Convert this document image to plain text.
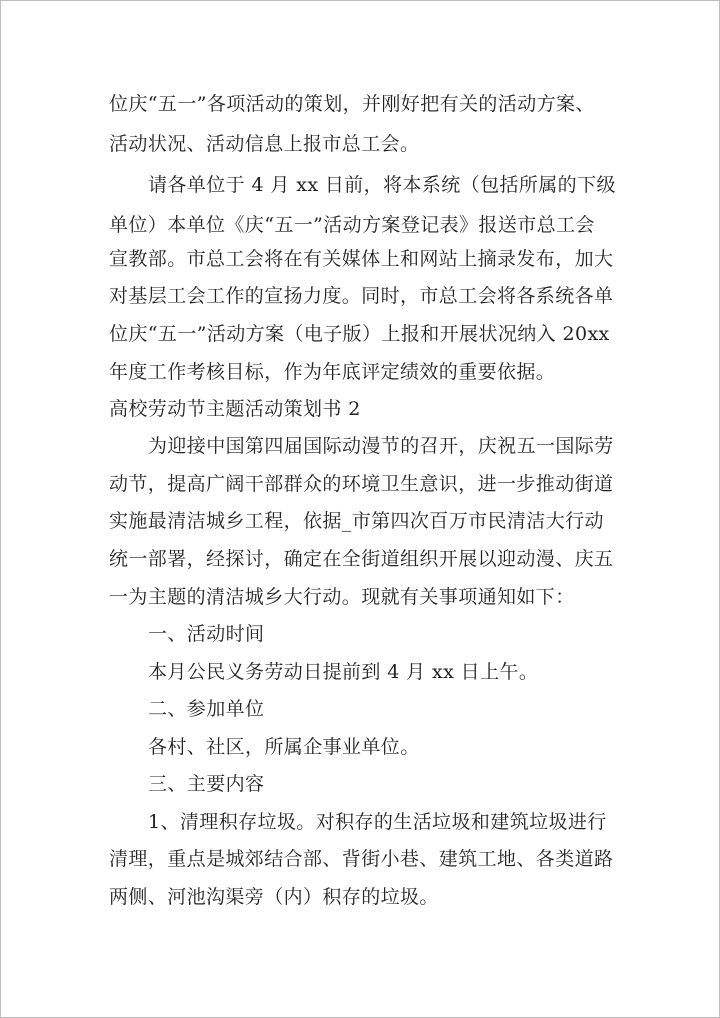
位庆“五一”各项活动的策划，并刚好把有关的活动方案、
活动状况、活动信息上报市总工会。
请各单位于 4 月 xx 日前，将本系统（包括所属的下级
单位）本单位《庆“五一”活动方案登记表》报送市总工会
宣教部。市总工会将在有关媒体上和网站上摘录发布，加大
对基层工会工作的宣扬力度。同时，市总工会将各系统各单
位庆“五一”活动方案（电子版）上报和开展状况纳入 20xx
年度工作考核目标，作为年底评定绩效的重要依据。
高校劳动节主题活动策划书 2
为迎接中国第四届国际动漫节的召开，庆祝五一国际劳
动节，提高广阔干部群众的环境卫生意识，进一步推动街道
实施最清洁城乡工程，依据_市第四次百万市民清洁大行动
统一部署，经探讨，确定在全街道组织开展以迎动漫、庆五
一为主题的清洁城乡大行动。现就有关事项通知如下：
一、活动时间
本月公民义务劳动日提前到 4 月 xx 日上午。
二、参加单位
各村、社区，所属企事业单位。
三、主要内容
1、清理积存垃圾。对积存的生活垃圾和建筑垃圾进行
清理，重点是城郊结合部、背街小巷、建筑工地、各类道路
两侧、河池沟渠旁（内）积存的垃圾。
